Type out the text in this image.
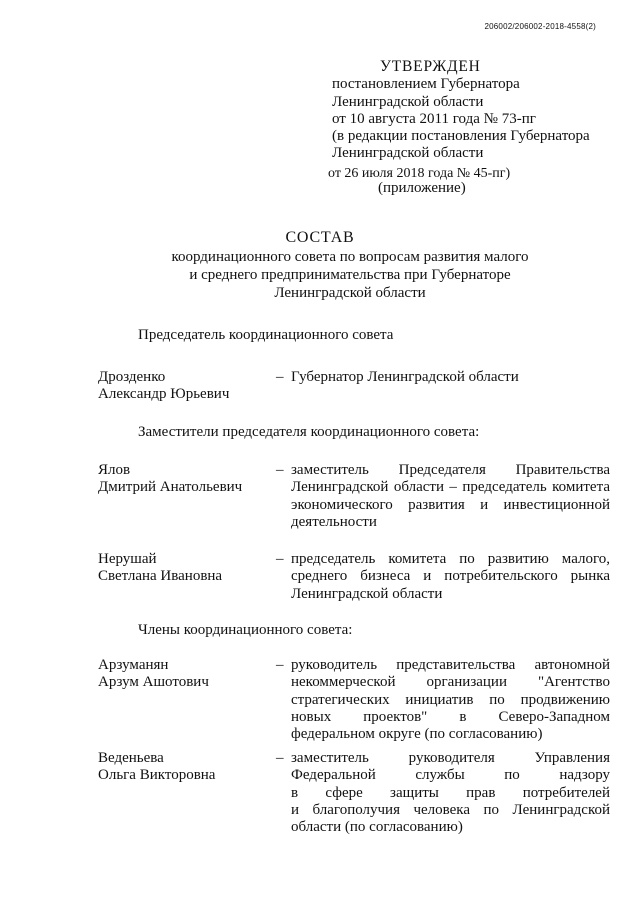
206002/206002-2018-4558(2)
УТВЕРЖДЕН
постановлением Губернатора
Ленинградской области
от 10 августа 2011 года № 73-пг
(в редакции постановления Губернатора
Ленинградской области
от 26 июля 2018 года № 45-пг)
(приложение)
СОСТАВ
координационного совета по вопросам развития малого
и среднего предпринимательства при Губернаторе
Ленинградской области
Председатель координационного совета
Дрозденко
Александр Юрьевич
– Губернатор Ленинградской области
Заместители председателя координационного совета:
Ялов
Дмитрий Анатольевич
– заместитель Председателя Правительства
Ленинградской области – председатель комитета
экономического развития и инвестиционной
деятельности
Нерушай
Светлана Ивановна
– председатель комитета по развитию малого,
среднего бизнеса и потребительского рынка
Ленинградской области
Члены координационного совета:
Арзуманян
Арзум Ашотович
– руководитель представительства автономной
некоммерческой организации "Агентство
стратегических инициатив по продвижению
новых проектов" в Северо-Западном
федеральном округе (по согласованию)
Веденьева
Ольга Викторовна
– заместитель руководителя Управления
Федеральной службы по надзору
в сфере защиты прав потребителей
и благополучия человека по Ленинградской
области (по согласованию)
